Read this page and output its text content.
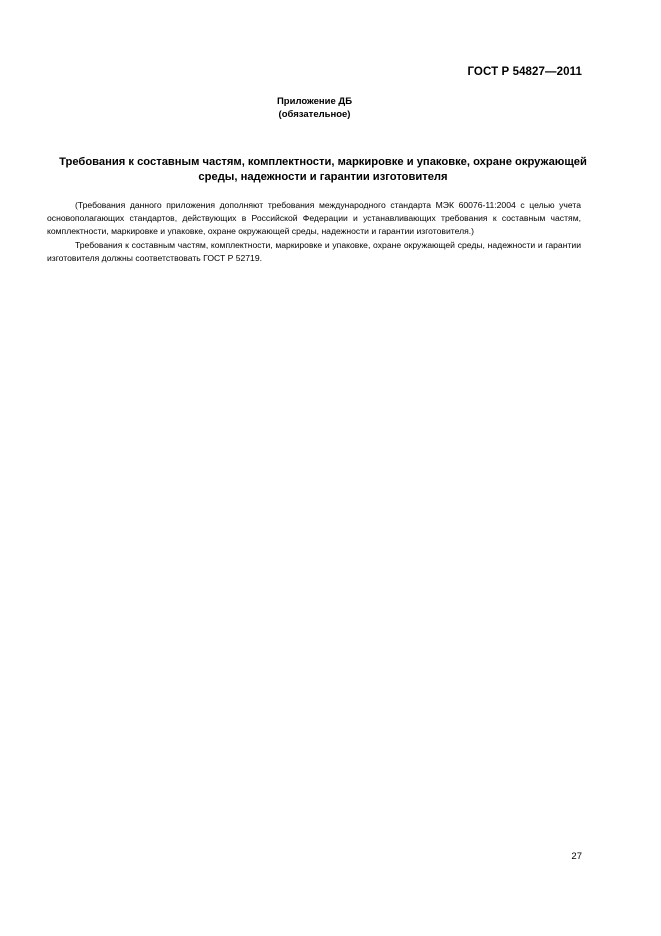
ГОСТ Р 54827—2011
Приложение ДБ
(обязательное)
Требования к составным частям, комплектности, маркировке и упаковке, охране окружающей
среды, надежности и гарантии изготовителя

(Требования данного приложения дополняют требования международного стандарта МЭК 60076-11:2004 с целью учета основополагающих стандартов, действующих в Российской Федерации и устанавливающих требования к составным частям, комплектности, маркировке и упаковке, охране окружающей среды, надежности и гарантии изготовителя.)

Требования к составным частям, комплектности, маркировке и упаковке, охране окружающей среды, надежности и гарантии изготовителя должны соответствовать ГОСТ Р 52719.

27
